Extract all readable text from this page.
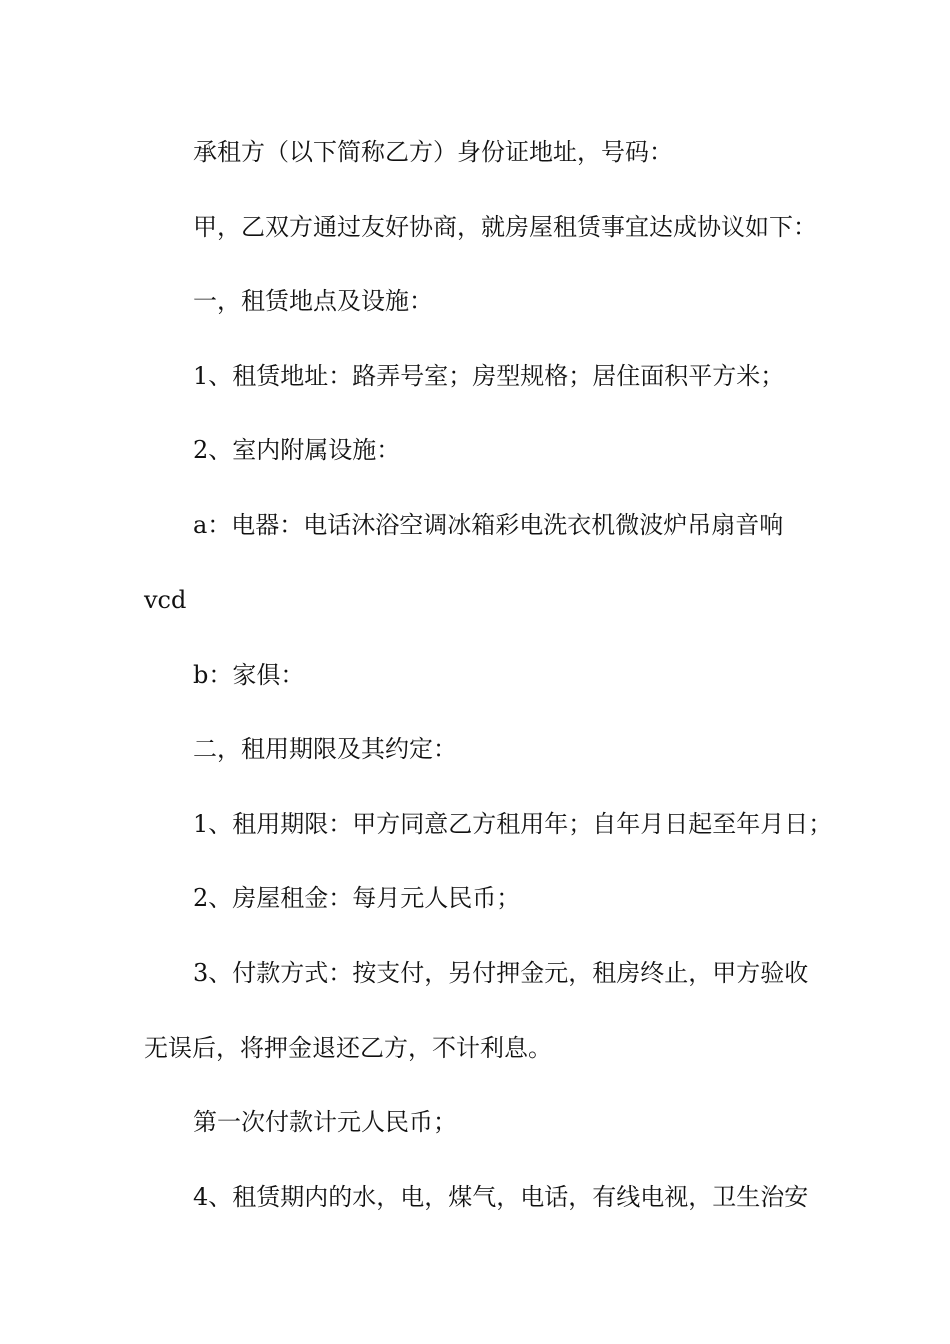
承租方（以下简称乙方）身份证地址，号码：
甲，乙双方通过友好协商，就房屋租赁事宜达成协议如下：
一，租赁地点及设施：
1、租赁地址：路弄号室；房型规格；居住面积平方米；
2、室内附属设施：
a：电器：电话沐浴空调冰箱彩电洗衣机微波炉吊扇音响
vcd
b：家俱：
二，租用期限及其约定：
1、租用期限：甲方同意乙方租用年；自年月日起至年月日；
2、房屋租金：每月元人民币；
3、付款方式：按支付，另付押金元，租房终止，甲方验收
无误后，将押金退还乙方，不计利息。
第一次付款计元人民币；
4、租赁期内的水，电，煤气，电话，有线电视，卫生治安
